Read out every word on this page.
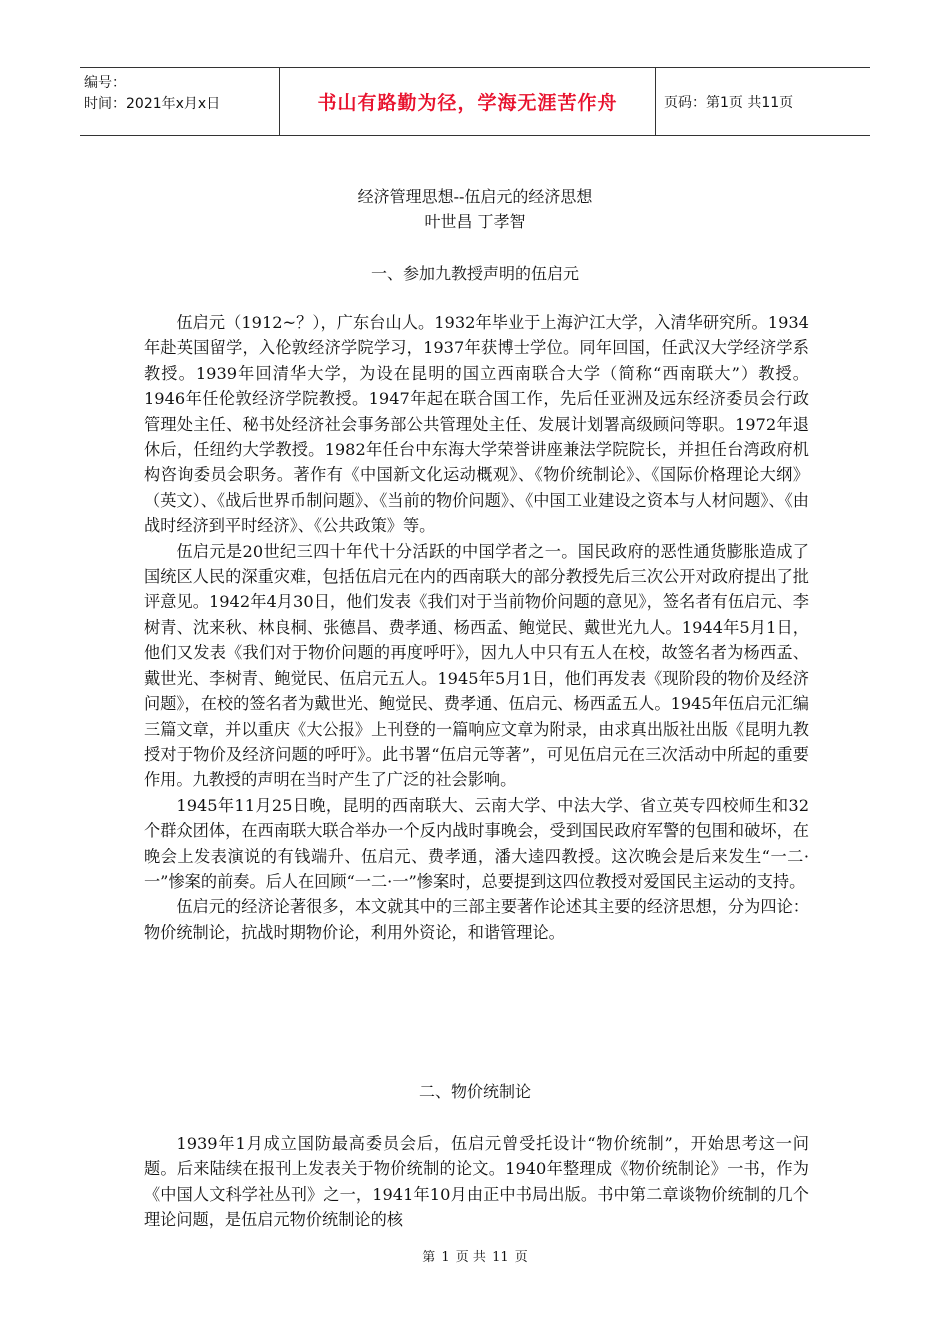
编号：
时间：2021年x月x日	书山有路勤为径，学海无涯苦作舟	页码：第1页 共11页
经济管理思想--伍启元的经济思想
叶世昌 丁孝智
一、参加九教授声明的伍启元

伍启元（1912~？），广东台山人。1932年毕业于上海沪江大学，入清华研究所。1934年赴英国留学，入伦敦经济学院学习，1937年获博士学位。同年回国，任武汉大学经济学系教授。1939年回清华大学，为设在昆明的国立西南联合大学（简称“西南联大”）教授。1946年任伦敦经济学院教授。1947年起在联合国工作，先后任亚洲及远东经济委员会行政管理处主任、秘书处经济社会事务部公共管理处主任、发展计划署高级顾问等职。1972年退休后，任纽约大学教授。1982年任台中东海大学荣誉讲座兼法学院院长，并担任台湾政府机构咨询委员会职务。著作有《中国新文化运动概观》、《物价统制论》、《国际价格理论大纲》（英文）、《战后世界币制问题》、《当前的物价问题》、《中国工业建设之资本与人材问题》、《由战时经济到平时经济》、《公共政策》等。

伍启元是20世纪三四十年代十分活跃的中国学者之一。国民政府的恶性通货膨胀造成了国统区人民的深重灾难，包括伍启元在内的西南联大的部分教授先后三次公开对政府提出了批评意见。1942年4月30日，他们发表《我们对于当前物价问题的意见》，签名者有伍启元、李树青、沈来秋、林良桐、张德昌、费孝通、杨西孟、鲍觉民、戴世光九人。1944年5月1日，他们又发表《我们对于物价问题的再度呼吁》，因九人中只有五人在校，故签名者为杨西孟、戴世光、李树青、鲍觉民、伍启元五人。1945年5月1日，他们再发表《现阶段的物价及经济问题》，在校的签名者为戴世光、鲍觉民、费孝通、伍启元、杨西孟五人。1945年伍启元汇编三篇文章，并以重庆《大公报》上刊登的一篇响应文章为附录，由求真出版社出版《昆明九教授对于物价及经济问题的呼吁》。此书署“伍启元等著”，可见伍启元在三次活动中所起的重要作用。九教授的声明在当时产生了广泛的社会影响。

1945年11月25日晚，昆明的西南联大、云南大学、中法大学、省立英专四校师生和32个群众团体，在西南联大联合举办一个反内战时事晚会，受到国民政府军警的包围和破坏，在晚会上发表演说的有钱端升、伍启元、费孝通，潘大逵四教授。这次晚会是后来发生“一二·一”惨案的前奏。后人在回顾“一二·一”惨案时，总要提到这四位教授对爱国民主运动的支持。

伍启元的经济论著很多，本文就其中的三部主要著作论述其主要的经济思想，分为四论：物价统制论，抗战时期物价论，利用外资论，和谐管理论。

二、物价统制论

1939年1月成立国防最高委员会后，伍启元曾受托设计“物价统制”，开始思考这一问题。后来陆续在报刊上发表关于物价统制的论文。1940年整理成《物价统制论》一书，作为《中国人文科学社丛刊》之一，1941年10月由正中书局出版。书中第二章谈物价统制的几个理论问题，是伍启元物价统制论的核

第 1 页 共 11 页
